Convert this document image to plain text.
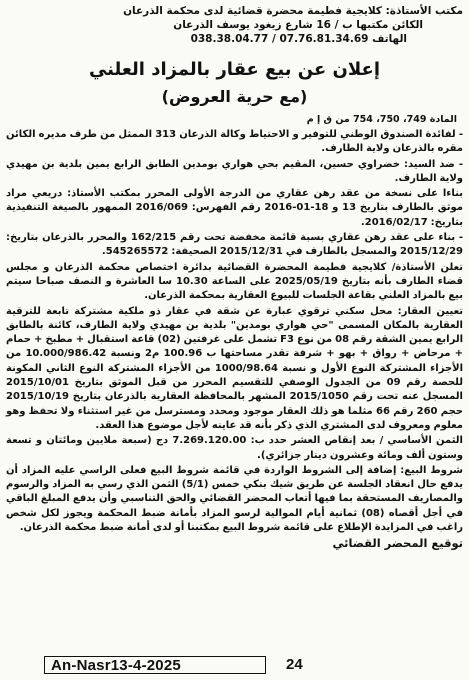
مكتب الأستاذة: كلايجية فطيمة محضرة قضائية لدى محكمة الذرعان
الكائن مكتبها ب / 16 شارع زيغود يوسف الذرعان
الهاتف 07.76.81.34.69 / 038.38.04.77
إعلان عن بيع عقار بالمزاد العلني
(مع حرية العروض)
المادة 749، 750، 754 من ق إ م

- لفائدة الصندوق الوطني للتوفير و الاحتياط وكالة الذرعان 313 الممثل من طرف مديره الكائن مقره بالذرعان ولاية الطارف.

- ضد السيد: خضراوي حسين، المقيم بحي هواري بومدين الطابق الرابع يمين بلدية بن مهيدي ولاية الطارف.

بناءا على نسخة من عقد رهن عقاري من الدرجة الأولى المحرر بمكتب الأستاذ: دريعي مراد موثق بالطارف بتاريخ 13 و 18-01-2016 رقم الفهرس: 2016/069 الممهور بالصيغة التنفيذية بتاريخ: 2016/02/17.

- بناء على عقد رهن عقاري بسبة قائمة مخفضة تحت رقم 162/215 والمحرر بالذرعان بتاريخ: 2015/12/29 والمسجل بالطارف في 2015/12/31 الصحيفة: 545265572.

تعلن الأستاذة/ كلايجية فطيمة المحضرة القضائية بدائرة اختصاص محكمة الذرعان و مجلس قضاء الطارف بأنه بتاريخ 2025/05/19 على الساعة 10.30 سا العاشرة و النصف صباحا سيتم بيع بالمزاد العلني بقاعة الجلسات للبيوع العقارية بمحكمة الذرعان.

تعيين العقار: محل سكني ترقوي عبارة عن شقة في عقار ذو ملكية مشتركة تابعة للترقية العقارية بالمكان المسمى "حي هواري بومدين" بلدية بن مهيدي ولاية الطارف، كائنة بالطابق الرابع يمين الشقة رقم 08 من نوع F3 تشمل على غرفتين (02) قاعة استقبال + مطبخ + حمام + مرحاض + رواق + بهو + شرفة تقدر مساحتها ب 100.96 م2 ونسبة 10.000/986.42 من الأجزاء المشتركة النوع الأول و نسبة 1000/98.64 من الأجزاء المشتركة النوع الثاني المكونة للحصة رقم 09 من الجدول الوصفي للتقسيم المحرر من قبل الموثق بتاريخ 2015/10/01 المسجل عنه تحت رقم 2015/1050 المشهر بالمحافظة العقارية بالذرعان بتاريخ 2015/10/19 حجم 260 رقم 66 مثلما هو ذلك العقار موجود ومحدد ومسترسل من غير استثناء ولا تحفظ وهو معلوم ومعروف لدى المشتري الذي ذكر بأنه قد عاينه لأجل موضوع هذا العقد.

الثمن الأساسي / بعد إنقاص العشر حدد ب: 7.269.120.00 دج (سبعة ملايين ومائتان و تسعة وستون ألف ومائة وعشرون دينار جزائري).

شروط البيع: إضافة إلى الشروط الواردة في قائمة شروط البيع فعلى الراسي عليه المزاد أن يدفع حال انعقاد الجلسة عن طريق شيك بنكي خمس (5/1) الثمن الذي رسي به المزاد والرسوم والمصاريف المستحقة بما فيها أتعاب المحضر القضائي والحق التناسبي وأن يدفع المبلغ الباقي في أجل أقصاه (08) ثمانية أيام الموالية لرسو المزاد بأمانة ضبط المحكمة ويجوز لكل شخص راغب في المزايدة الإطلاع على قائمة شروط البيع بمكتبنا أو لدى أمانة ضبط محكمة الذرعان.

توقيع المحضر القضائي
An-Nasr13-4-2025	24
